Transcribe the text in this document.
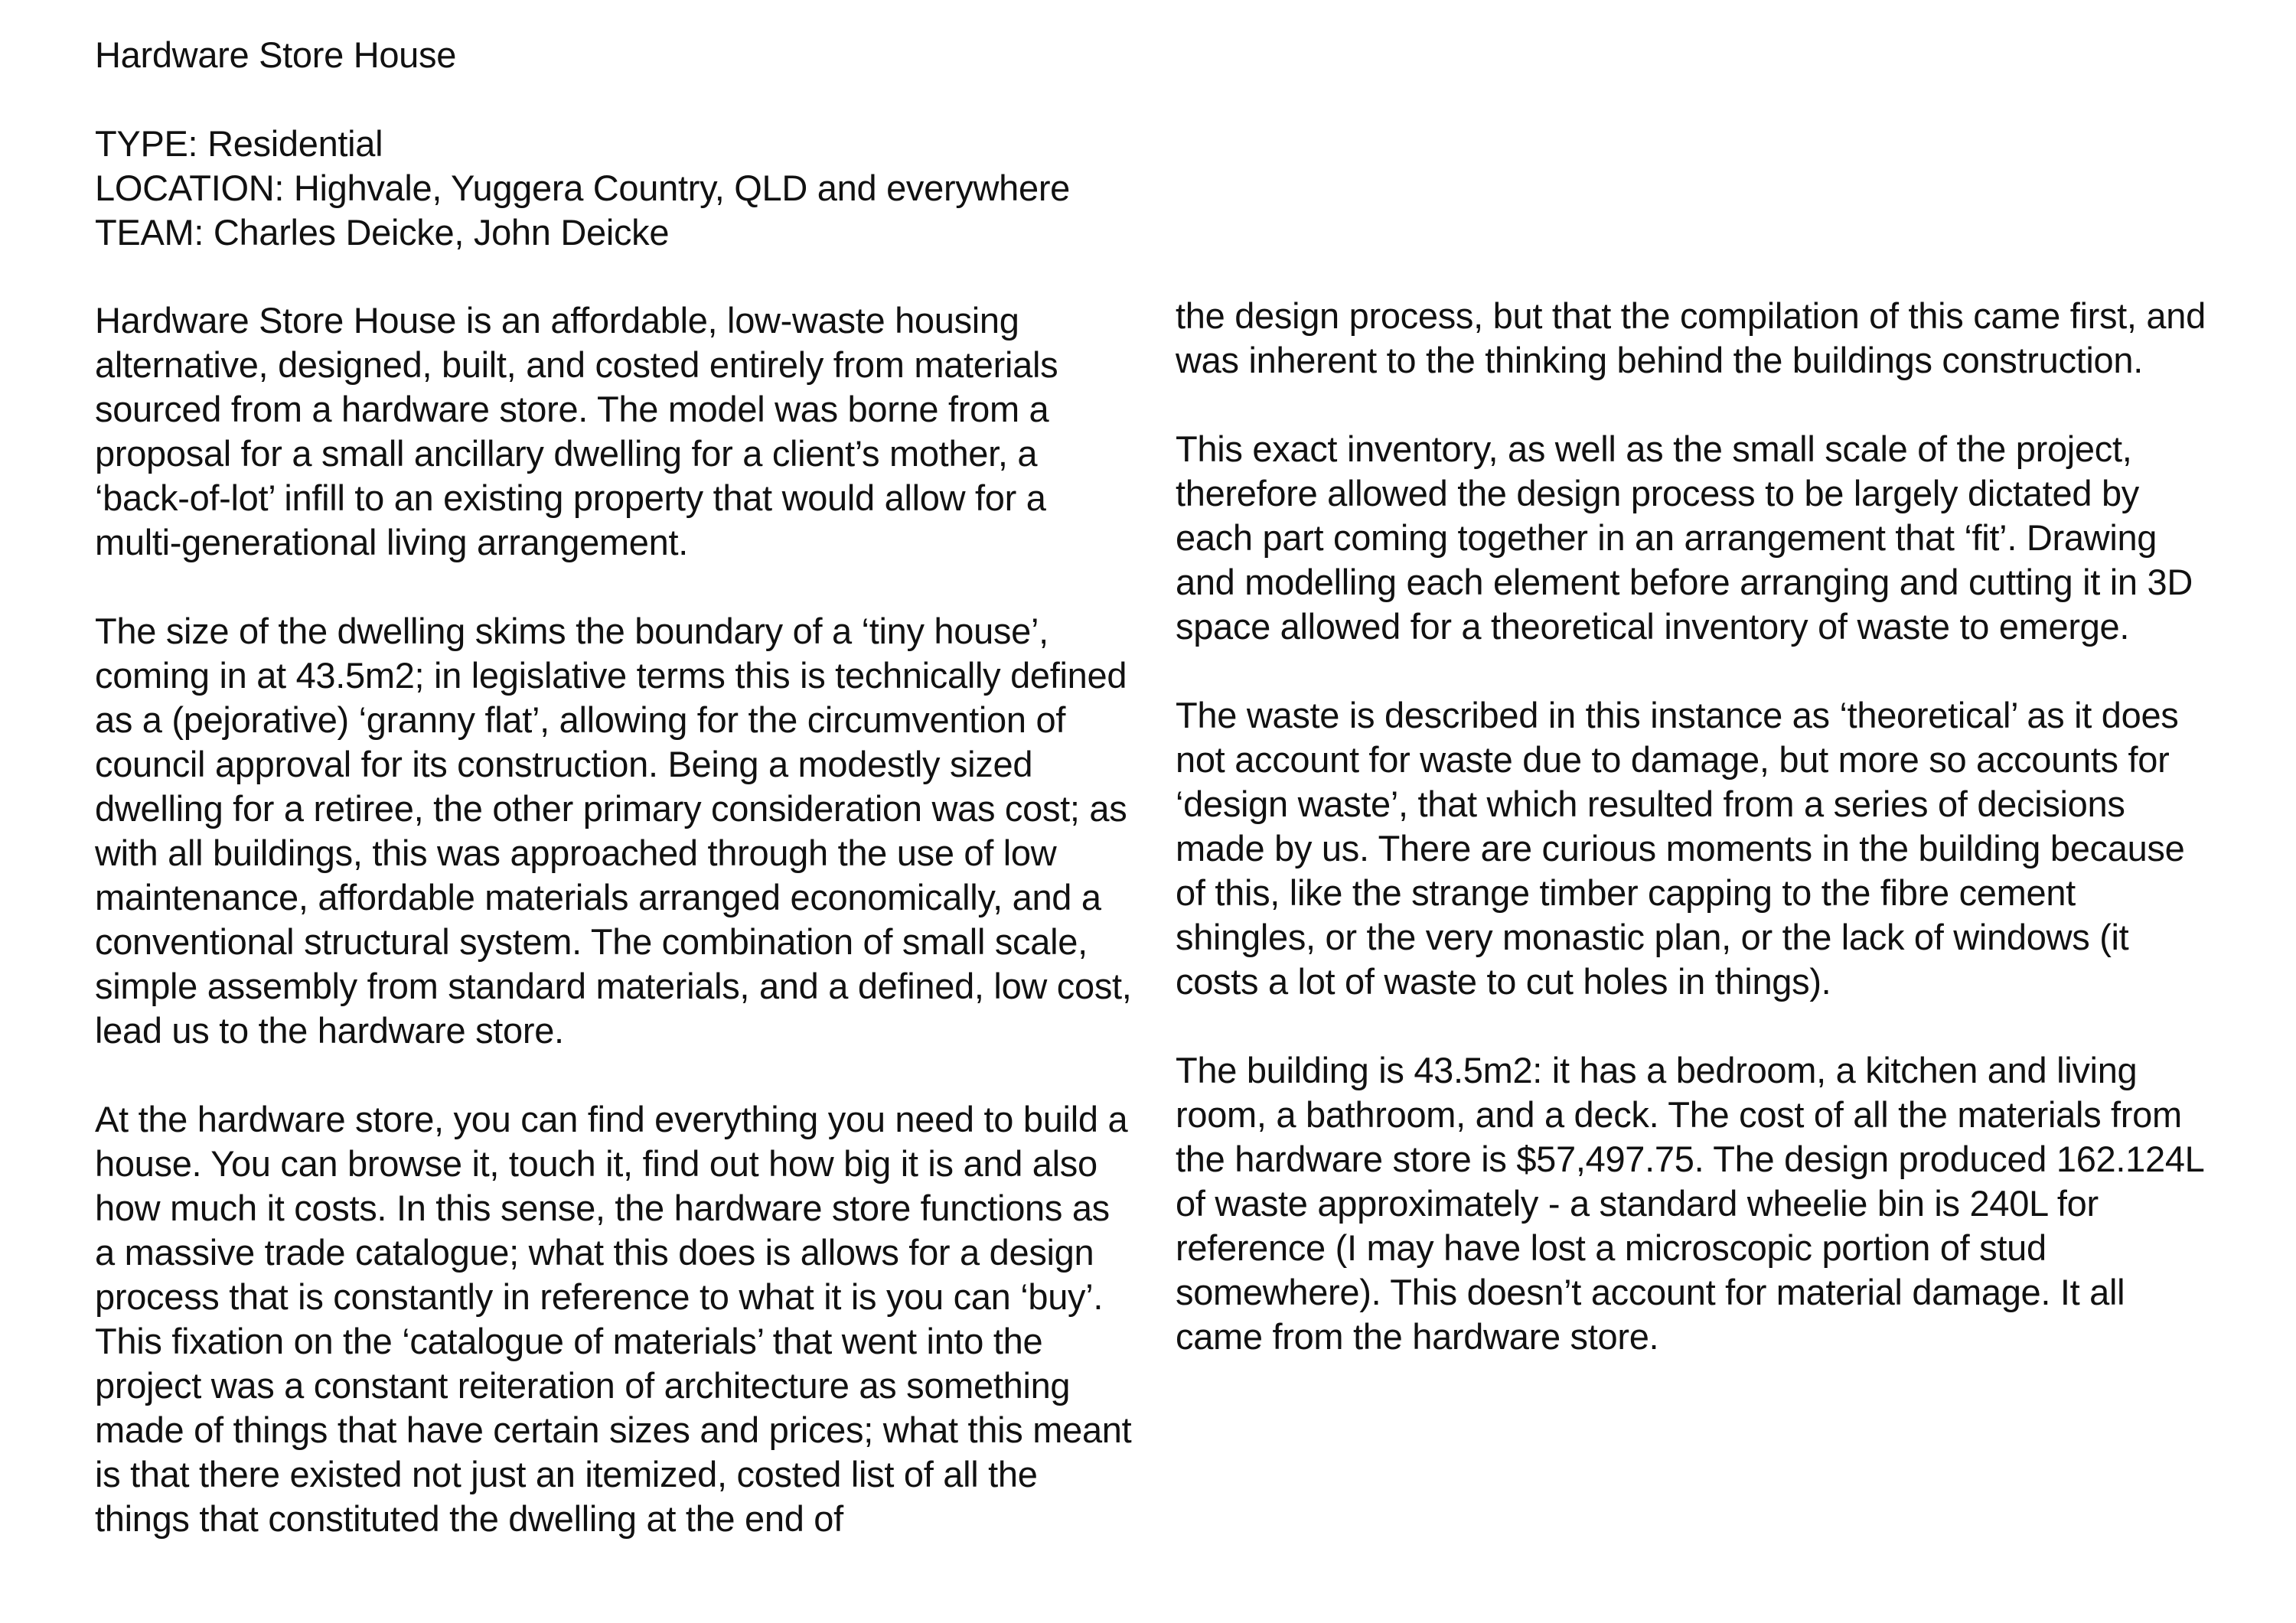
Hardware Store House
TYPE: Residential
LOCATION: Highvale, Yuggera Country, QLD and everywhere
TEAM: Charles Deicke, John Deicke

Hardware Store House is an affordable, low-waste housing alternative, designed, built, and costed entirely from materials sourced from a hardware store. The model was borne from a proposal for a small ancillary dwelling for a client’s mother, a ‘back-of-lot’ infill to an existing property that would allow for a multi-generational living arrangement.

The size of the dwelling skims the boundary of a ‘tiny house’, coming in at 43.5m2; in legislative terms this is technically defined as a (pejorative) ‘granny flat’, allowing for the circumvention of council approval for its construction. Being a modestly sized dwelling for a retiree, the other primary consideration was cost; as with all buildings, this was approached through the use of low maintenance, affordable materials arranged economically, and a conventional structural system. The combination of small scale, simple assembly from standard materials, and a defined, low cost, lead us to the hardware store.

At the hardware store, you can find everything you need to build a house. You can browse it, touch it, find out how big it is and also how much it costs. In this sense, the hardware store functions as a massive trade catalogue; what this does is allows for a design process that is constantly in reference to what it is you can ‘buy’. This fixation on the ‘catalogue of materials’ that went into the project was a constant reiteration of architecture as something made of things that have certain sizes and prices; what this meant is that there existed not just an itemized, costed list of all the things that constituted the dwelling at the end of

the design process, but that the compilation of this came first, and was inherent to the thinking behind the buildings construction.

This exact inventory, as well as the small scale of the project, therefore allowed the design process to be largely dictated by each part coming together in an arrangement that ‘fit’. Drawing and modelling each element before arranging and cutting it in 3D space allowed for a theoretical inventory of waste to emerge.

The waste is described in this instance as ‘theoretical’ as it does not account for waste due to damage, but more so accounts for ‘design waste’, that which resulted from a series of decisions made by us. There are curious moments in the building because of this, like the strange timber capping to the fibre cement shingles, or the very monastic plan, or the lack of windows (it costs a lot of waste to cut holes in things).

The building is 43.5m2: it has a bedroom, a kitchen and living room, a bathroom, and a deck. The cost of all the materials from the hardware store is $57,497.75. The design produced 162.124L of waste approximately - a standard wheelie bin is 240L for reference (I may have lost a microscopic portion of stud somewhere). This doesn’t account for material damage. It all came from the hardware store.
